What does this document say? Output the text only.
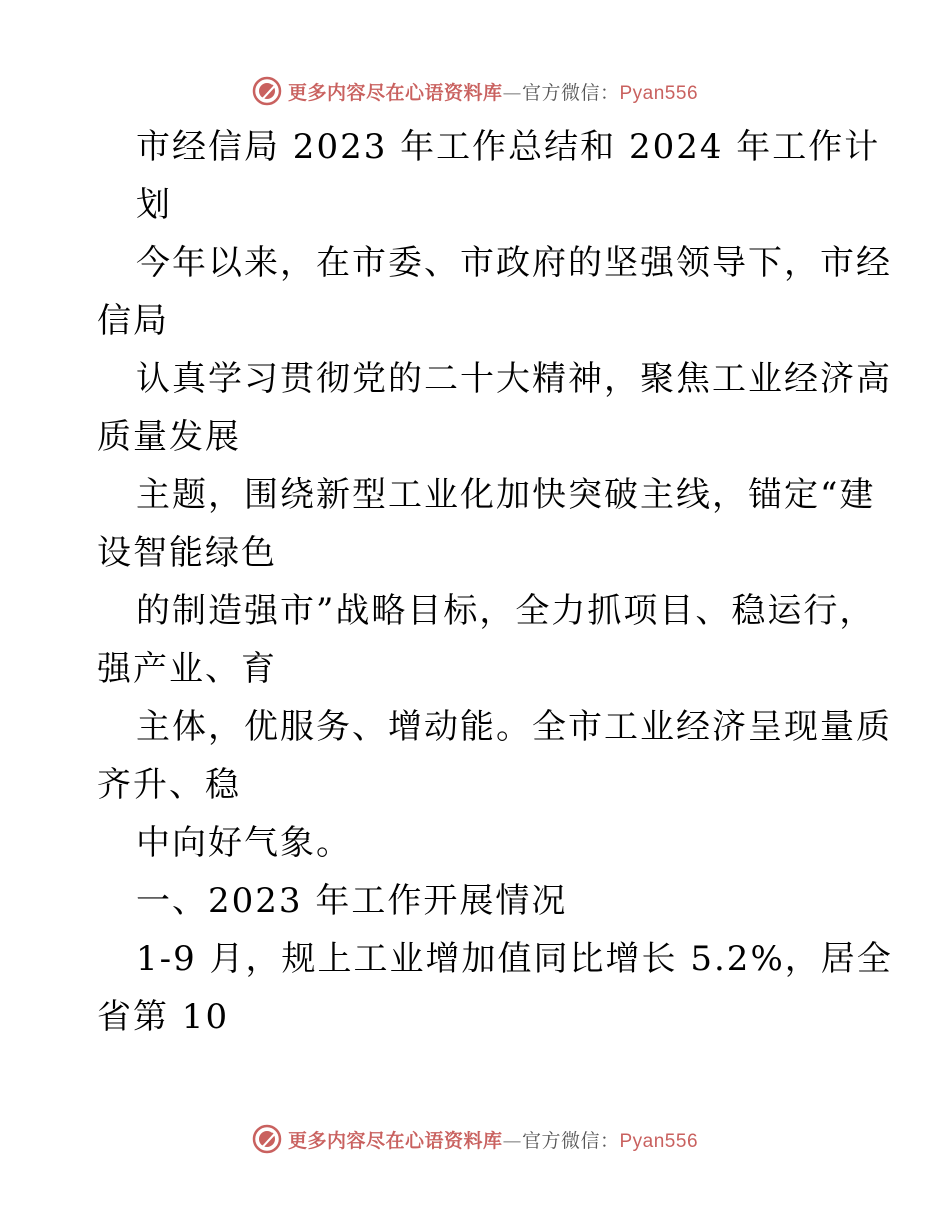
更多内容尽在心语资料库—官方微信：Pyan556
市经信局 2023 年工作总结和 2024 年工作计
划
今年以来，在市委、市政府的坚强领导下，市经
信局
认真学习贯彻党的二十大精神，聚焦工业经济高
质量发展
主题，围绕新型工业化加快突破主线，锚定“建
设智能绿色
的制造强市”战略目标，全力抓项目、稳运行，
强产业、育
主体，优服务、增动能。全市工业经济呈现量质
齐升、稳
中向好气象。
一、2023 年工作开展情况
1-9 月，规上工业增加值同比增长 5.2%，居全
省第 10
更多内容尽在心语资料库—官方微信：Pyan556
